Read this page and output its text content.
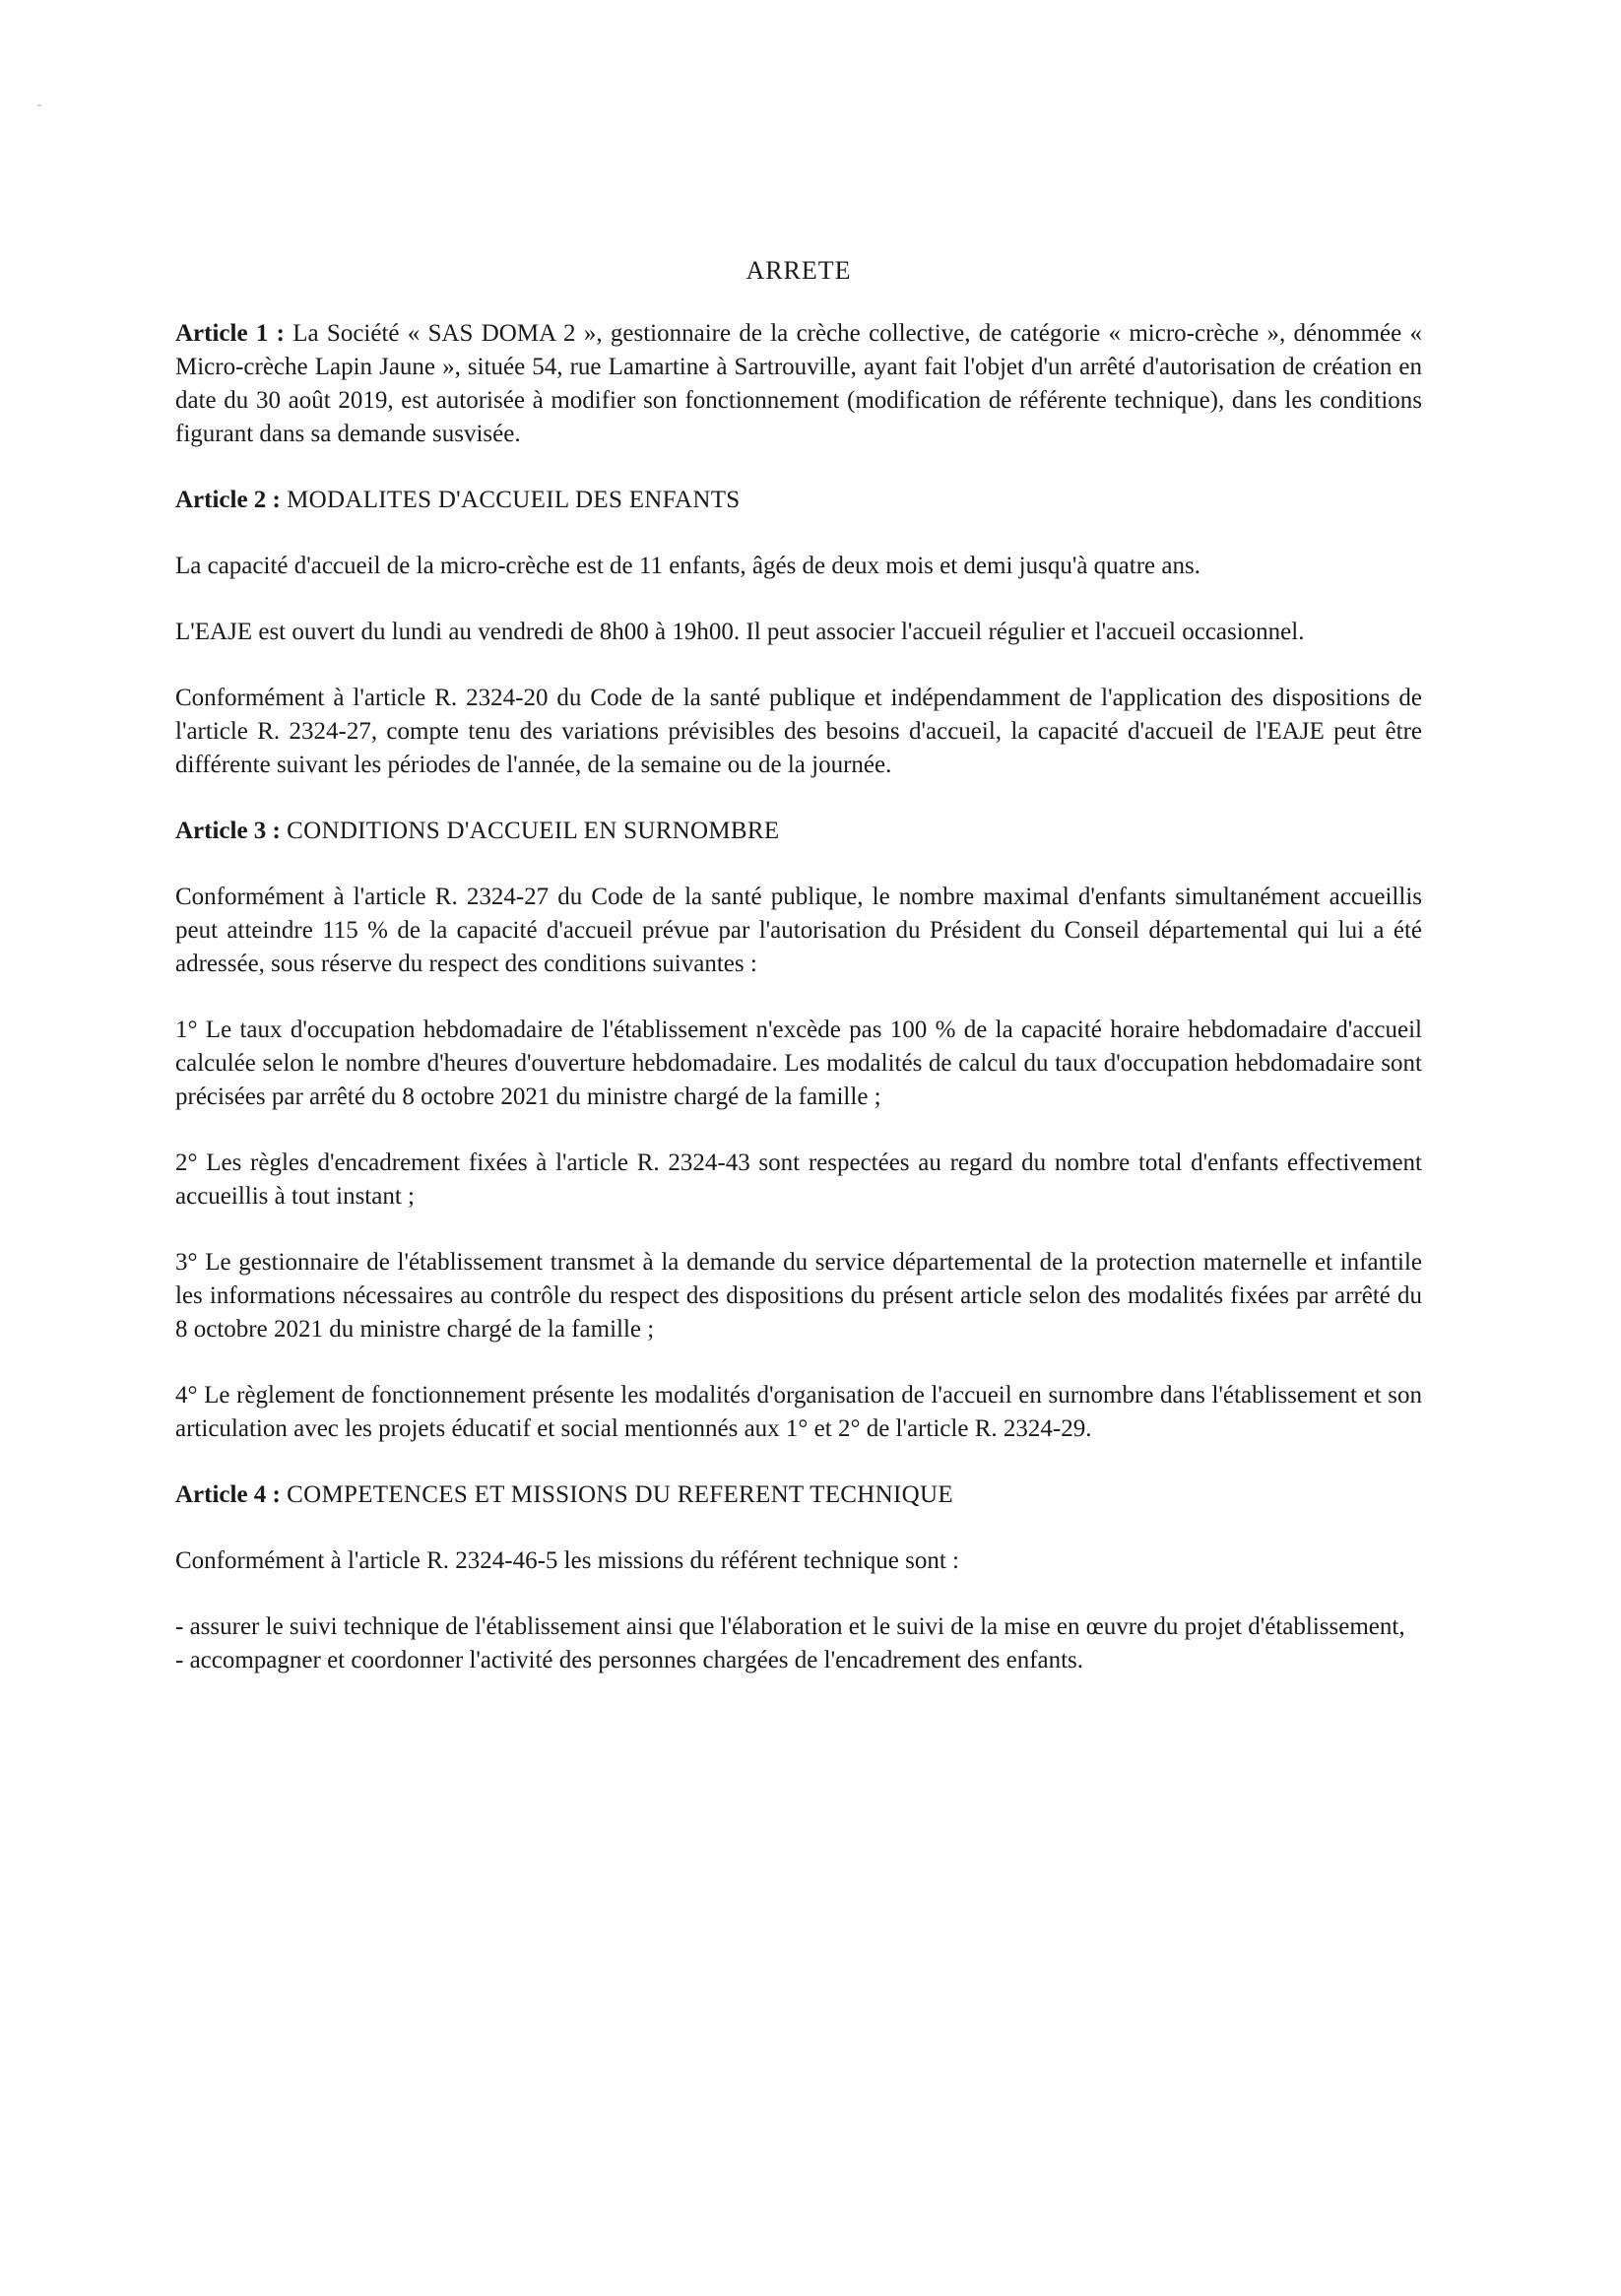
ARRETE

Article 1 : La Société « SAS DOMA 2 », gestionnaire de la crèche collective, de catégorie « micro-crèche », dénommée « Micro-crèche Lapin Jaune », située 54, rue Lamartine à Sartrouville, ayant fait l'objet d'un arrêté d'autorisation de création en date du 30 août 2019, est autorisée à modifier son fonctionnement (modification de référente technique), dans les conditions figurant dans sa demande susvisée.

Article 2 : MODALITES D'ACCUEIL DES ENFANTS

La capacité d'accueil de la micro-crèche est de 11 enfants, âgés de deux mois et demi jusqu'à quatre ans.

L'EAJE est ouvert du lundi au vendredi de 8h00 à 19h00. Il peut associer l'accueil régulier et l'accueil occasionnel.

Conformément à l'article R. 2324-20 du Code de la santé publique et indépendamment de l'application des dispositions de l'article R. 2324-27, compte tenu des variations prévisibles des besoins d'accueil, la capacité d'accueil de l'EAJE peut être différente suivant les périodes de l'année, de la semaine ou de la journée.

Article 3 : CONDITIONS D'ACCUEIL EN SURNOMBRE

Conformément à l'article R. 2324-27 du Code de la santé publique, le nombre maximal d'enfants simultanément accueillis peut atteindre 115 % de la capacité d'accueil prévue par l'autorisation du Président du Conseil départemental qui lui a été adressée, sous réserve du respect des conditions suivantes :

1° Le taux d'occupation hebdomadaire de l'établissement n'excède pas 100 % de la capacité horaire hebdomadaire d'accueil calculée selon le nombre d'heures d'ouverture hebdomadaire. Les modalités de calcul du taux d'occupation hebdomadaire sont précisées par arrêté du 8 octobre 2021 du ministre chargé de la famille ;

2° Les règles d'encadrement fixées à l'article R. 2324-43 sont respectées au regard du nombre total d'enfants effectivement accueillis à tout instant ;

3° Le gestionnaire de l'établissement transmet à la demande du service départemental de la protection maternelle et infantile les informations nécessaires au contrôle du respect des dispositions du présent article selon des modalités fixées par arrêté du 8 octobre 2021 du ministre chargé de la famille ;

4° Le règlement de fonctionnement présente les modalités d'organisation de l'accueil en surnombre dans l'établissement et son articulation avec les projets éducatif et social mentionnés aux 1° et 2° de l'article R. 2324-29.

Article 4 : COMPETENCES ET MISSIONS DU REFERENT TECHNIQUE

Conformément à l'article R. 2324-46-5 les missions du référent technique sont :

- assurer le suivi technique de l'établissement ainsi que l'élaboration et le suivi de la mise en œuvre du projet d'établissement,
- accompagner et coordonner l'activité des personnes chargées de l'encadrement des enfants.
